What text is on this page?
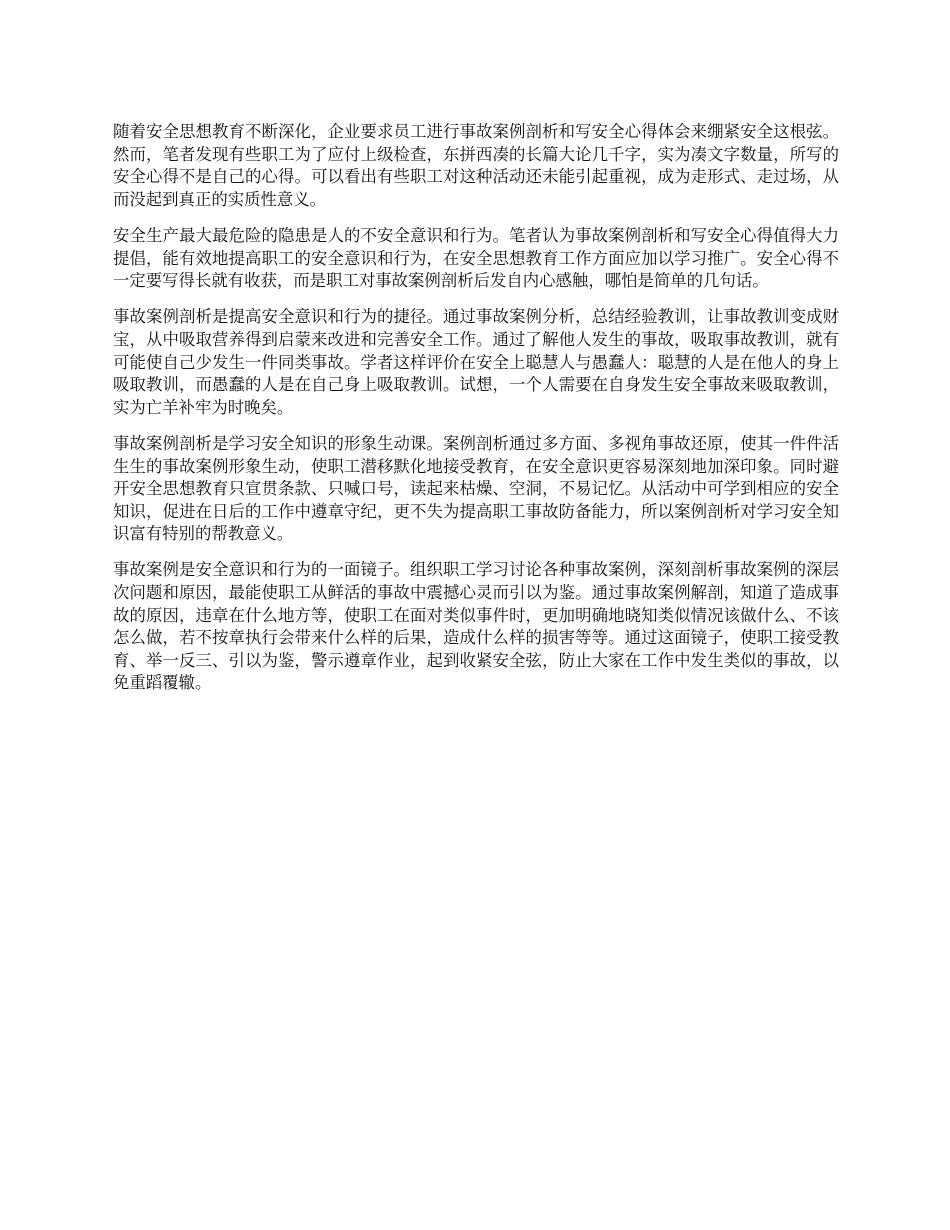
随着安全思想教育不断深化，企业要求员工进行事故案例剖析和写安全心得体会来绷紧安全这根弦。然而，笔者发现有些职工为了应付上级检查，东拼西凑的长篇大论几千字，实为凑文字数量，所写的安全心得不是自己的心得。可以看出有些职工对这种活动还未能引起重视，成为走形式、走过场，从而没起到真正的实质性意义。

安全生产最大最危险的隐患是人的不安全意识和行为。笔者认为事故案例剖析和写安全心得值得大力提倡，能有效地提高职工的安全意识和行为，在安全思想教育工作方面应加以学习推广。安全心得不一定要写得长就有收获，而是职工对事故案例剖析后发自内心感触，哪怕是简单的几句话。

事故案例剖析是提高安全意识和行为的捷径。通过事故案例分析，总结经验教训，让事故教训变成财宝，从中吸取营养得到启蒙来改进和完善安全工作。通过了解他人发生的事故，吸取事故教训，就有可能使自己少发生一件同类事故。学者这样评价在安全上聪慧人与愚蠢人：聪慧的人是在他人的身上吸取教训，而愚蠢的人是在自己身上吸取教训。试想，一个人需要在自身发生安全事故来吸取教训，实为亡羊补牢为时晚矣。

事故案例剖析是学习安全知识的形象生动课。案例剖析通过多方面、多视角事故还原，使其一件件活生生的事故案例形象生动，使职工潜移默化地接受教育，在安全意识更容易深刻地加深印象。同时避开安全思想教育只宣贯条款、只喊口号，读起来枯燥、空洞，不易记忆。从活动中可学到相应的安全知识，促进在日后的工作中遵章守纪，更不失为提高职工事故防备能力，所以案例剖析对学习安全知识富有特别的帮教意义。

事故案例是安全意识和行为的一面镜子。组织职工学习讨论各种事故案例，深刻剖析事故案例的深层次问题和原因，最能使职工从鲜活的事故中震撼心灵而引以为鉴。通过事故案例解剖，知道了造成事故的原因，违章在什么地方等，使职工在面对类似事件时，更加明确地晓知类似情况该做什么、不该怎么做，若不按章执行会带来什么样的后果，造成什么样的损害等等。通过这面镜子，使职工接受教育、举一反三、引以为鉴，警示遵章作业，起到收紧安全弦，防止大家在工作中发生类似的事故，以免重蹈覆辙。
